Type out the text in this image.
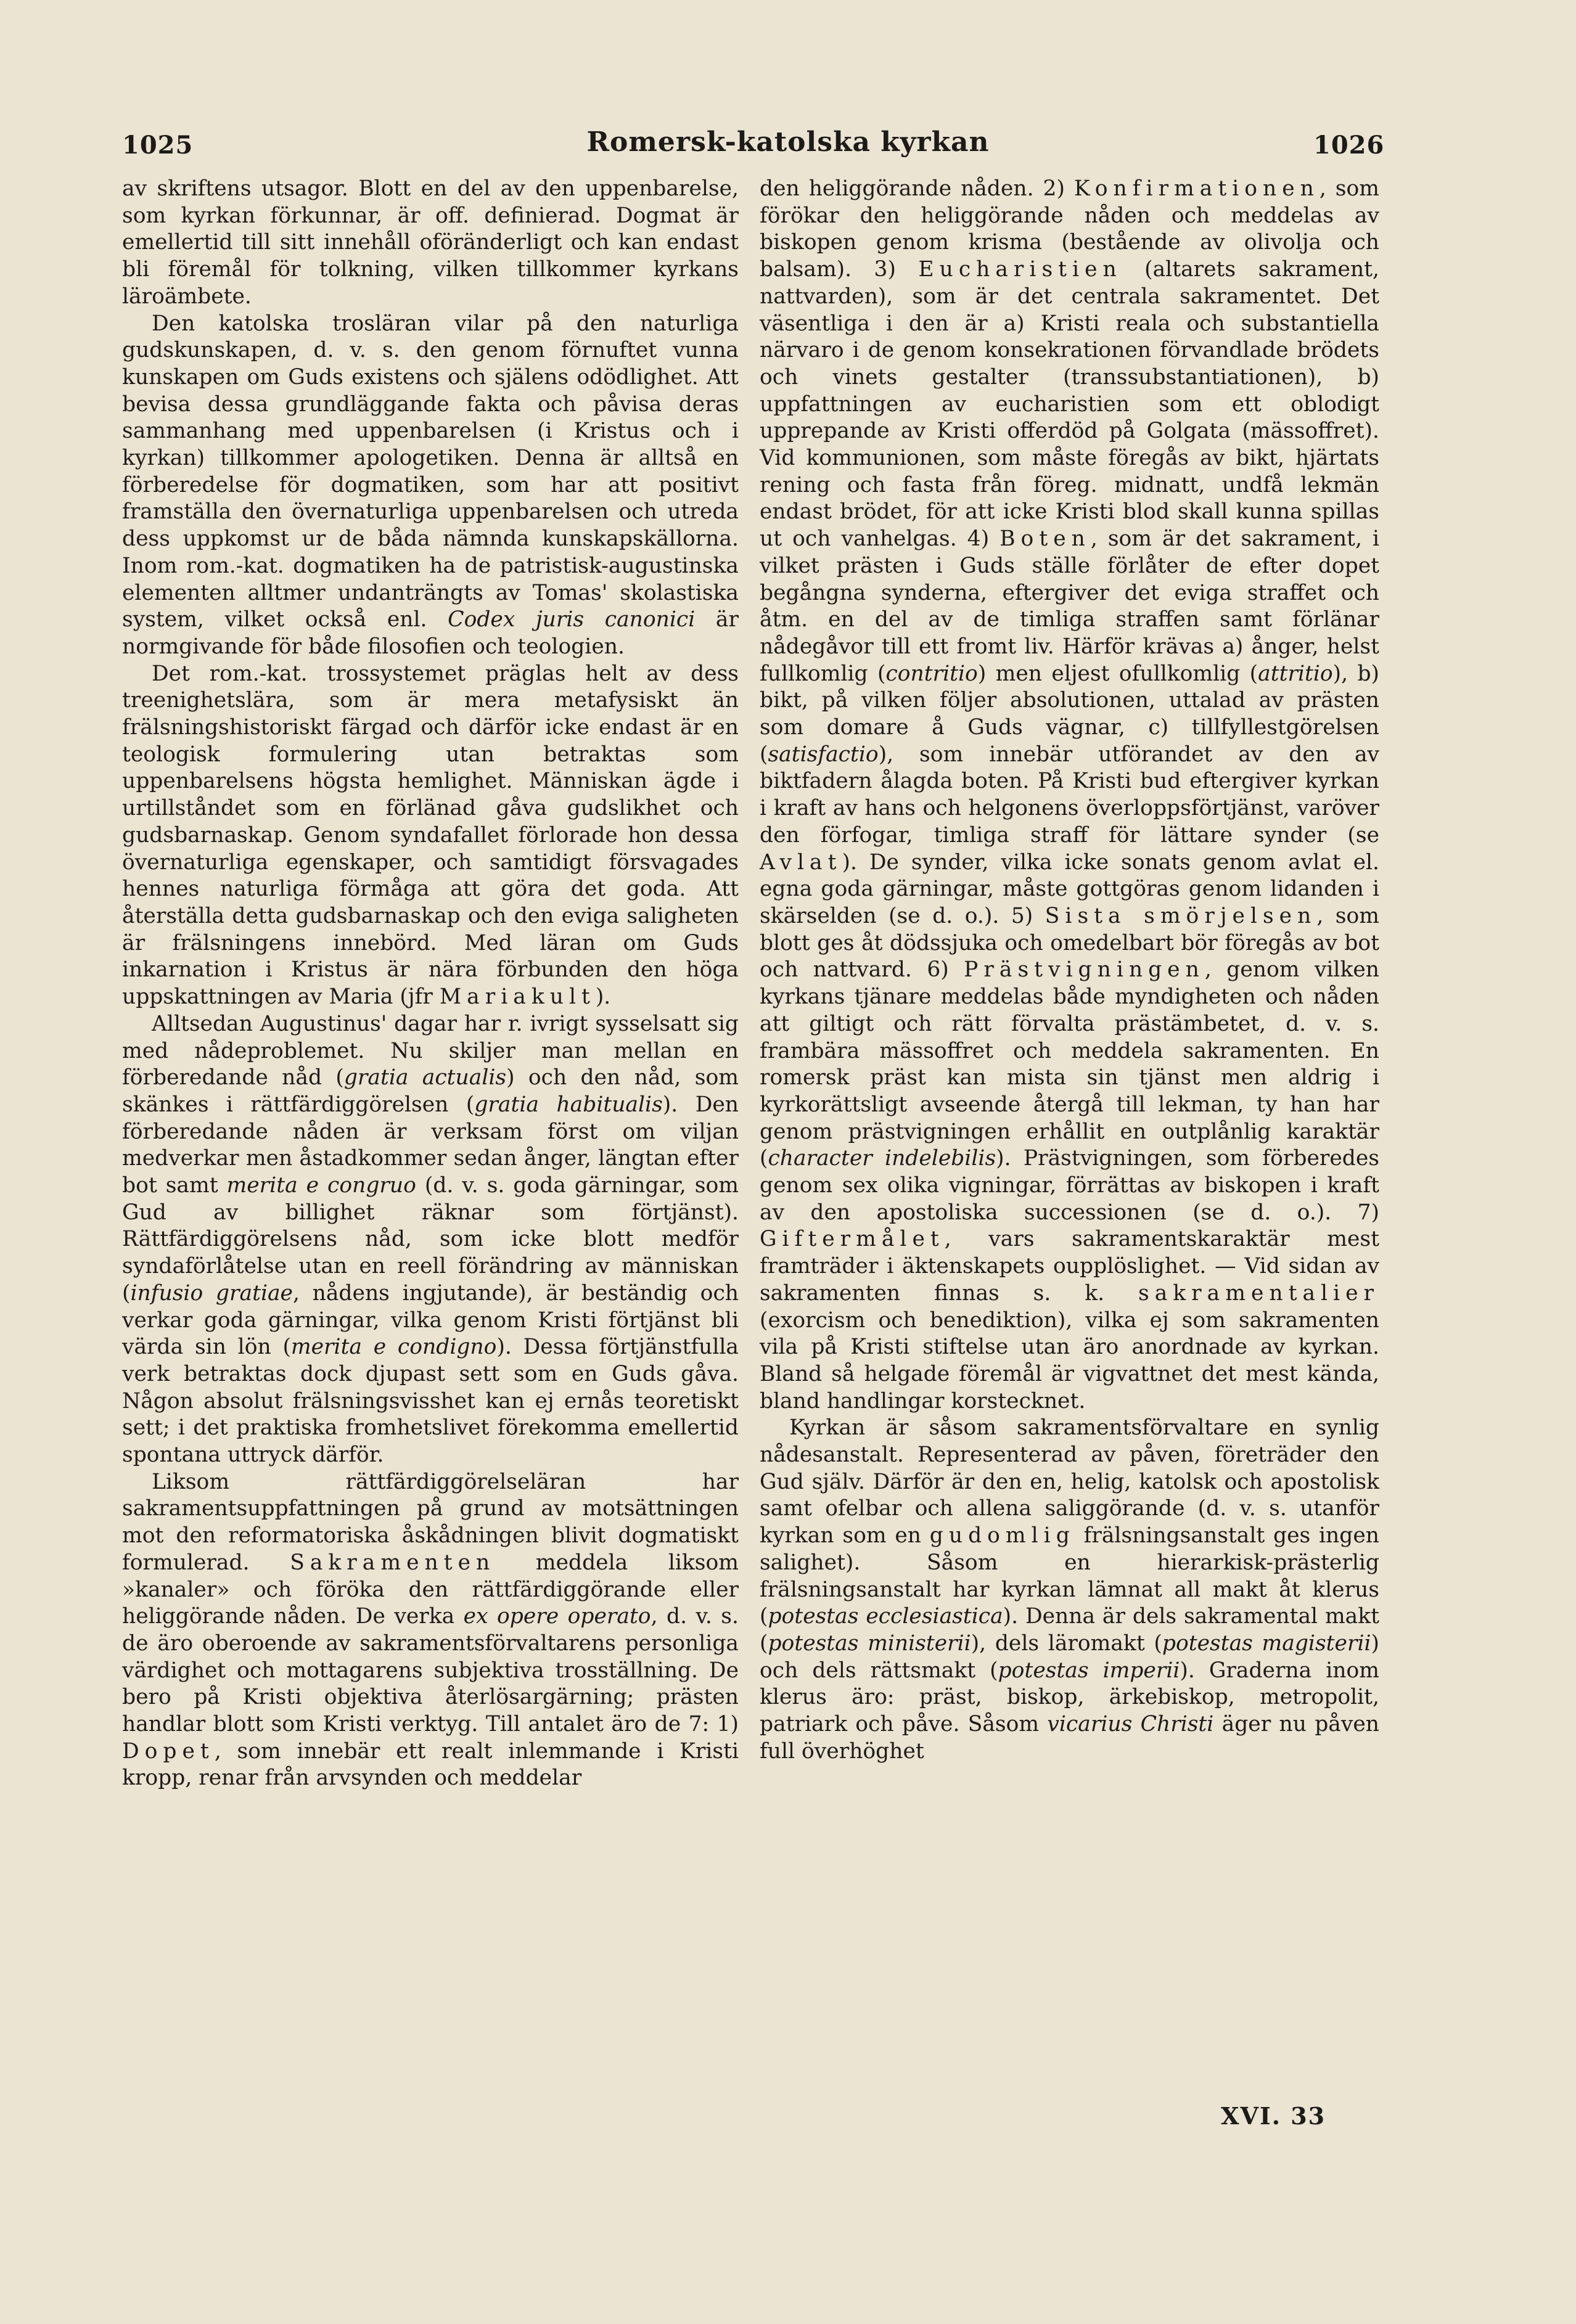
1025	Romersk-katolska kyrkan	1026

av skriftens utsagor. Blott en del av den uppenbarelse, som kyrkan förkunnar, är off. definierad. Dogmat är emellertid till sitt innehåll oföränderligt och kan endast bli föremål för tolkning, vilken tillkommer kyrkans läroämbete.

Den katolska trosläran vilar på den naturliga gudskunskapen, d. v. s. den genom förnuftet vunna kunskapen om Guds existens och själens odödlighet. Att bevisa dessa grundläggande fakta och påvisa deras sammanhang med uppenbarelsen (i Kristus och i kyrkan) tillkommer apologetiken. Denna är alltså en förberedelse för dogmatiken, som har att positivt framställa den övernaturliga uppenbarelsen och utreda dess uppkomst ur de båda nämnda kunskapskällorna. Inom rom.-kat. dogmatiken ha de patristisk-augustinska elementen alltmer undanträngts av Tomas' skolastiska system, vilket också enl. Codex juris canonici är normgivande för både filosofien och teologien.

Det rom.-kat. trossystemet präglas helt av dess treenighetslära, som är mera metafysiskt än frälsningshistoriskt färgad och därför icke endast är en teologisk formulering utan betraktas som uppenbarelsens högsta hemlighet. Människan ägde i urtillståndet som en förlänad gåva gudslikhet och gudsbarnaskap. Genom syndafallet förlorade hon dessa övernaturliga egenskaper, och samtidigt försvagades hennes naturliga förmåga att göra det goda. Att återställa detta gudsbarnaskap och den eviga saligheten är frälsningens innebörd. Med läran om Guds inkarnation i Kristus är nära förbunden den höga uppskattningen av Maria (jfr Mariakult).

Alltsedan Augustinus' dagar har r. ivrigt sysselsatt sig med nådeproblemet. Nu skiljer man mellan en förberedande nåd (gratia actualis) och den nåd, som skänkes i rättfärdiggörelsen (gratia habitualis). Den förberedande nåden är verksam först om viljan medverkar men åstadkommer sedan ånger, längtan efter bot samt merita e congruo (d. v. s. goda gärningar, som Gud av billighet räknar som förtjänst). Rättfärdiggörelsens nåd, som icke blott medför syndaförlåtelse utan en reell förändring av människan (infusio gratiae, nådens ingjutande), är beständig och verkar goda gärningar, vilka genom Kristi förtjänst bli värda sin lön (merita e condigno). Dessa förtjänstfulla verk betraktas dock djupast sett som en Guds gåva. Någon absolut frälsningsvisshet kan ej ernås teoretiskt sett; i det praktiska fromhetslivet förekomma emellertid spontana uttryck därför.

Liksom rättfärdiggörelseläran har sakramentsuppfattningen på grund av motsättningen mot den reformatoriska åskådningen blivit dogmatiskt formulerad. Sakramenten meddela liksom »kanaler» och föröka den rättfärdiggörande eller heliggörande nåden. De verka ex opere operato, d. v. s. de äro oberoende av sakramentsförvaltarens personliga värdighet och mottagarens subjektiva trosställning. De bero på Kristi objektiva återlösargärning; prästen handlar blott som Kristi verktyg. Till antalet äro de 7: 1) Dopet, som innebär ett realt inlemmande i Kristi kropp, renar från arvsynden och meddelar

den heliggörande nåden. 2) Konfirmationen, som förökar den heliggörande nåden och meddelas av biskopen genom krisma (bestående av olivolja och balsam). 3) Eucharistien (altarets sakrament, nattvarden), som är det centrala sakramentet. Det väsentliga i den är a) Kristi reala och substantiella närvaro i de genom konsekrationen förvandlade brödets och vinets gestalter (transsubstantiationen), b) uppfattningen av eucharistien som ett oblodigt upprepande av Kristi offerdöd på Golgata (mässoffret). Vid kommunionen, som måste föregås av bikt, hjärtats rening och fasta från föreg. midnatt, undfå lekmän endast brödet, för att icke Kristi blod skall kunna spillas ut och vanhelgas. 4) Boten, som är det sakrament, i vilket prästen i Guds ställe förlåter de efter dopet begångna synderna, eftergiver det eviga straffet och åtm. en del av de timliga straffen samt förlänar nådegåvor till ett fromt liv. Härför krävas a) ånger, helst fullkomlig (contritio) men eljest ofullkomlig (attritio), b) bikt, på vilken följer absolutionen, uttalad av prästen som domare å Guds vägnar, c) tillfyllestgörelsen (satisfactio), som innebär utförandet av den av biktfadern ålagda boten. På Kristi bud eftergiver kyrkan i kraft av hans och helgonens överloppsförtjänst, varöver den förfogar, timliga straff för lättare synder (se Avlat). De synder, vilka icke sonats genom avlat el. egna goda gärningar, måste gottgöras genom lidanden i skärselden (se d. o.). 5) Sista smörjelsen, som blott ges åt dödssjuka och omedelbart bör föregås av bot och nattvard. 6) Prästvigningen, genom vilken kyrkans tjänare meddelas både myndigheten och nåden att giltigt och rätt förvalta prästämbetet, d. v. s. frambära mässoffret och meddela sakramenten. En romersk präst kan mista sin tjänst men aldrig i kyrkorättsligt avseende återgå till lekman, ty han har genom prästvigningen erhållit en outplånlig karaktär (character indelebilis). Prästvigningen, som förberedes genom sex olika vigningar, förrättas av biskopen i kraft av den apostoliska successionen (se d. o.). 7) Giftermålet, vars sakramentskaraktär mest framträder i äktenskapets oupplöslighet. — Vid sidan av sakramenten finnas s. k. sakramentalier (exorcism och benediktion), vilka ej som sakramenten vila på Kristi stiftelse utan äro anordnade av kyrkan. Bland så helgade föremål är vigvattnet det mest kända, bland handlingar korstecknet.

Kyrkan är såsom sakramentsförvaltare en synlig nådesanstalt. Representerad av påven, företräder den Gud själv. Därför är den en, helig, katolsk och apostolisk samt ofelbar och allena saliggörande (d. v. s. utanför kyrkan som en gudomlig frälsningsanstalt ges ingen salighet). Såsom en hierarkisk-prästerlig frälsningsanstalt har kyrkan lämnat all makt åt klerus (potestas ecclesiastica). Denna är dels sakramental makt (potestas ministerii), dels läromakt (potestas magisterii) och dels rättsmakt (potestas imperii). Graderna inom klerus äro: präst, biskop, ärkebiskop, metropolit, patriark och påve. Såsom vicarius Christi äger nu påven full överhöghet

XVI. 33
